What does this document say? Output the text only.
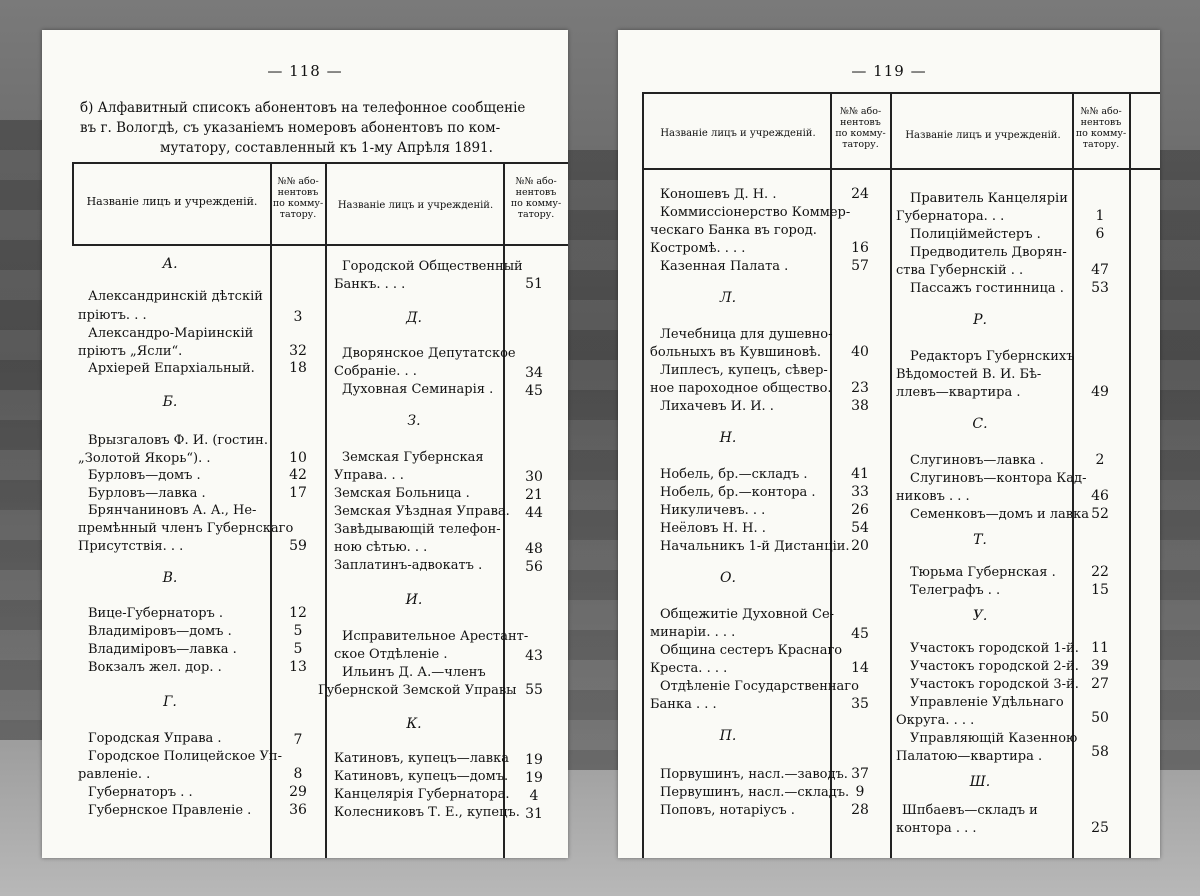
— 118 —
б) Алфавитный списокъ абонентовъ на телефонное сообщеніе
въ г. Вологдѣ, съ указаніемъ номеровъ абонентовъ по ком-
мутатору, составленный къ 1-му Апрѣля 1891.
Названіе лицъ и учрежденій.
№№ або-
нентовъ
по комму-
татору.
Названіе лицъ и учрежденій.
№№ або-
нентовъ
по комму-
татору.
А.
Александринскій дѣтскій
пріютъ. . .	3
Александро-Маріинскій
пріютъ „Ясли“.	32
Архіерей Епархіальный.	18
Б.
Врызгаловъ Ф. И. (гостин.
„Золотой Якорь“). .	10
Бурловъ—домъ .	42
Бурловъ—лавка .	17
Брянчаниновъ А. А., Не-
премѣнный членъ Губернскаго
Присутствія. . .	59
В.
Вице-Губернаторъ .	12
Владиміровъ—домъ .	5
Владиміровъ—лавка .	5
Вокзалъ жел. дор. .	13
Г.
Городская Управа .	7
Городское Полицейское Уп-
равленіе. .	8
Губернаторъ . .	29
Губернское Правленіе .	36
Городской Общественный
Банкъ. . . .	51
Д.
Дворянское Депутатское
Собраніе. . .	34
Духовная Семинарія .	45
З.
Земская Губернская
Управа. . .	30
Земская Больница .	21
Земская Уѣздная Управа.	44
Завѣдывающій телефон-
ною сѣтью. . .	48
Заплатинъ-адвокатъ .	56
И.
Исправительное Арестант-
ское Отдѣленіе .	43
Ильинъ Д. А.—членъ
Губернской Земской Управы 55
К.
Катиновъ, купецъ—лавка	19
Катиновъ, купецъ—домъ.	19
Канцелярія Губернатора.	4
Колесниковъ Т. Е., купецъ. 31
— 119 —
Названіе лицъ и учрежденій.
№№ або-
нентовъ
по комму-
татору.
Названіе лицъ и учрежденій.
№№ або-
нентовъ
по комму-
татору.
Коношевъ Д. Н. .	24
Коммиссіонерство Коммер-
ческаго Банка въ город.
Костромѣ. . . .	16
Казенная Палата .	57
Л.
Лечебница для душевно-
больныхъ въ Кувшиновѣ.	40
Липлесъ, купецъ, сѣвер-
ное пароходное общество.	23
Лихачевъ И. И. .	38
Н.
Нобель, бр.—складъ .	41
Нобель, бр.—контора .	33
Никуличевъ. . .	26
Неёловъ Н. Н. .	54
Начальникъ 1-й Дистанціи. 20
О.
Общежитіе Духовной Се-
минаріи. . . .	45
Община сестеръ Краснаго
Креста. . . .	14
Отдѣленіе Государственнаго
Банка . . .	35
П.
Порвушинъ, насл.—заводъ. 37
Первушинъ, насл.—складъ. 9
Поповъ, нотаріусъ .	28
Правитель Канцеляріи
Губернатора. . .	1
Полицiймейстеръ .	6
Предводитель Дворян-
ства Губернскій . .	47
Пассажъ гостинница .	53
Р.
Редакторъ Губернскихъ
Вѣдомостей В. И. Бѣ-
ллевъ—квартира .	49
С.
Слугиновъ—лавка .	2
Слугиновъ—контора Кад-
никовъ . . .	46
Семенковъ—домъ и лавка 52
Т.
Тюрьма Губернская .	22
Телеграфъ . .	15
У.
Участокъ городской 1-й. 11
Участокъ городской 2-й. 39
Участокъ городской 3-й. 27
Управленіе Удѣльнаго
Округа. . . .	50
Управляющій Казенною
Палатою—квартира .	58
Ш.
Шпбаевъ—складъ и
контора . . .	25
